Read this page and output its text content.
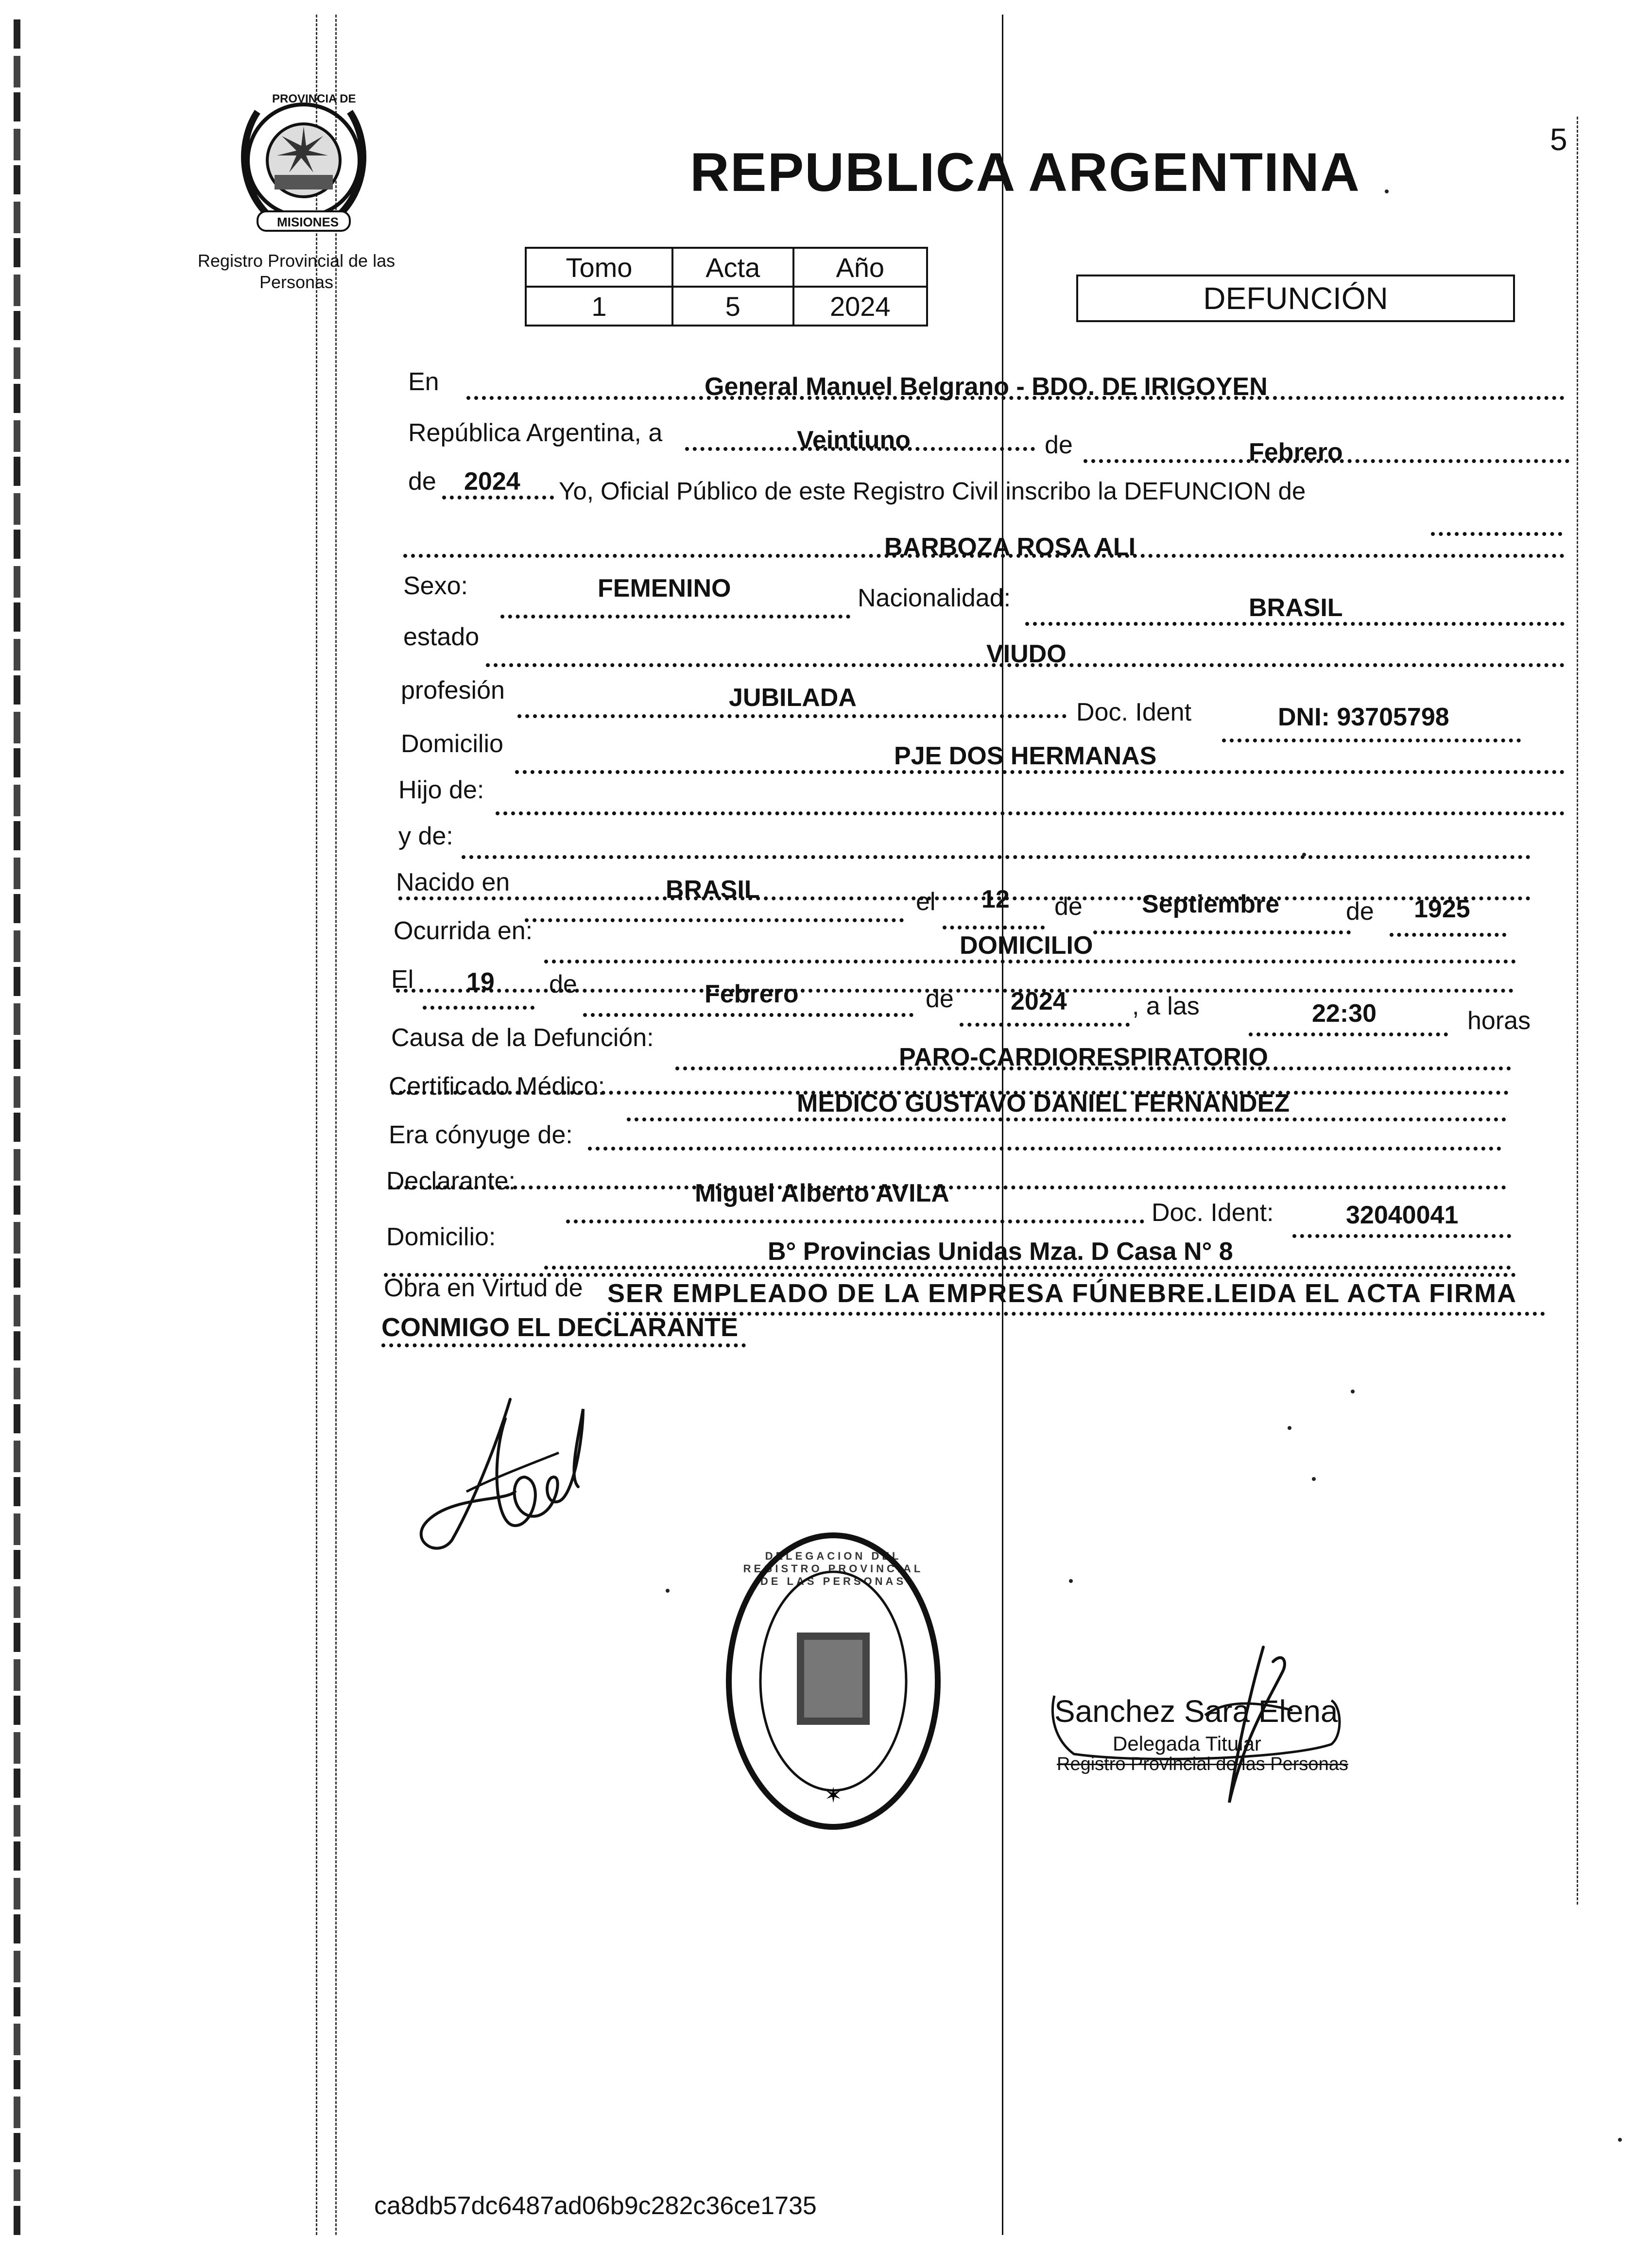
PROVINCIA DE
MISIONES
Registro Provincial de las Personas
REPUBLICA ARGENTINA
5
Tomo	Acta	Año
1	5	2024	DEFUNCIÓN
En	General Manuel Belgrano - BDO. DE IRIGOYEN
República Argentina, a	Veintiuno	de	Febrero
de 2024 Yo, Oficial Público de este Registro Civil inscribo la DEFUNCION de
BARBOZA ROSA ALI
Sexo:	FEMENINO	Nacionalidad:	BRASIL
estado
VIUDO
profesión	JUBILADA
Doc. Ident	DNI: 93705798
Domicilio	PJE DOS HERMANAS
Hijo de:
y de:
Nacido en	BRASIL	el 12 de Septiembre	de 1925
Ocurrida en:
DOMICILIO
El 19 de	Febrero	de 2024	, a las	22:30	horas
Causa de la Defunción:
PARO-CARDIORESPIRATORIO
Certificado Médico:
MEDICO GUSTAVO DANIEL FERNANDEZ
Era cónyuge de:
Declarante:	Miguel Alberto AVILA
Doc. Ident:	32040041
Domicilio:
B° Provincias Unidas Mza. D Casa N° 8
Obra en Virtud de SER EMPLEADO DE LA EMPRESA FÚNEBRE.LEIDA EL ACTA FIRMA
CONMIGO EL DECLARANTE
✶
DELEGACION DEL REGISTRO PROVINCIAL DE LAS PERSONAS
Sanchez Sara Elena
Delegada Titular
Registro Provincial de las Personas
ca8db57dc6487ad06b9c282c36ce1735
